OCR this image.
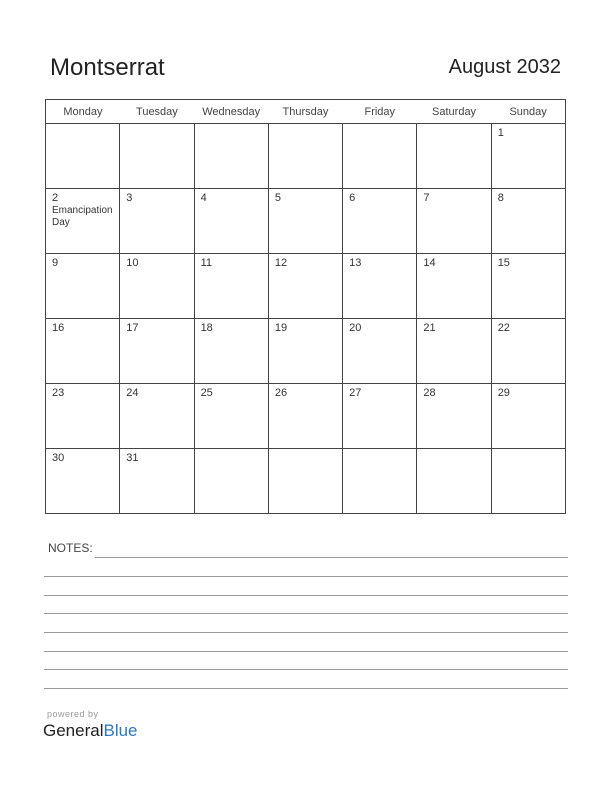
Montserrat	August 2032
Monday	Tuesday	Wednesday	Thursday	Friday	Saturday	Sunday

						1

2
Emancipation Day	3	4	5	6	7	8

9	10	11	12	13	14	15

16	17	18	19	20	21	22

23	24	25	26	27	28	29

30	31					

NOTES:
powered by
GeneralBlue
